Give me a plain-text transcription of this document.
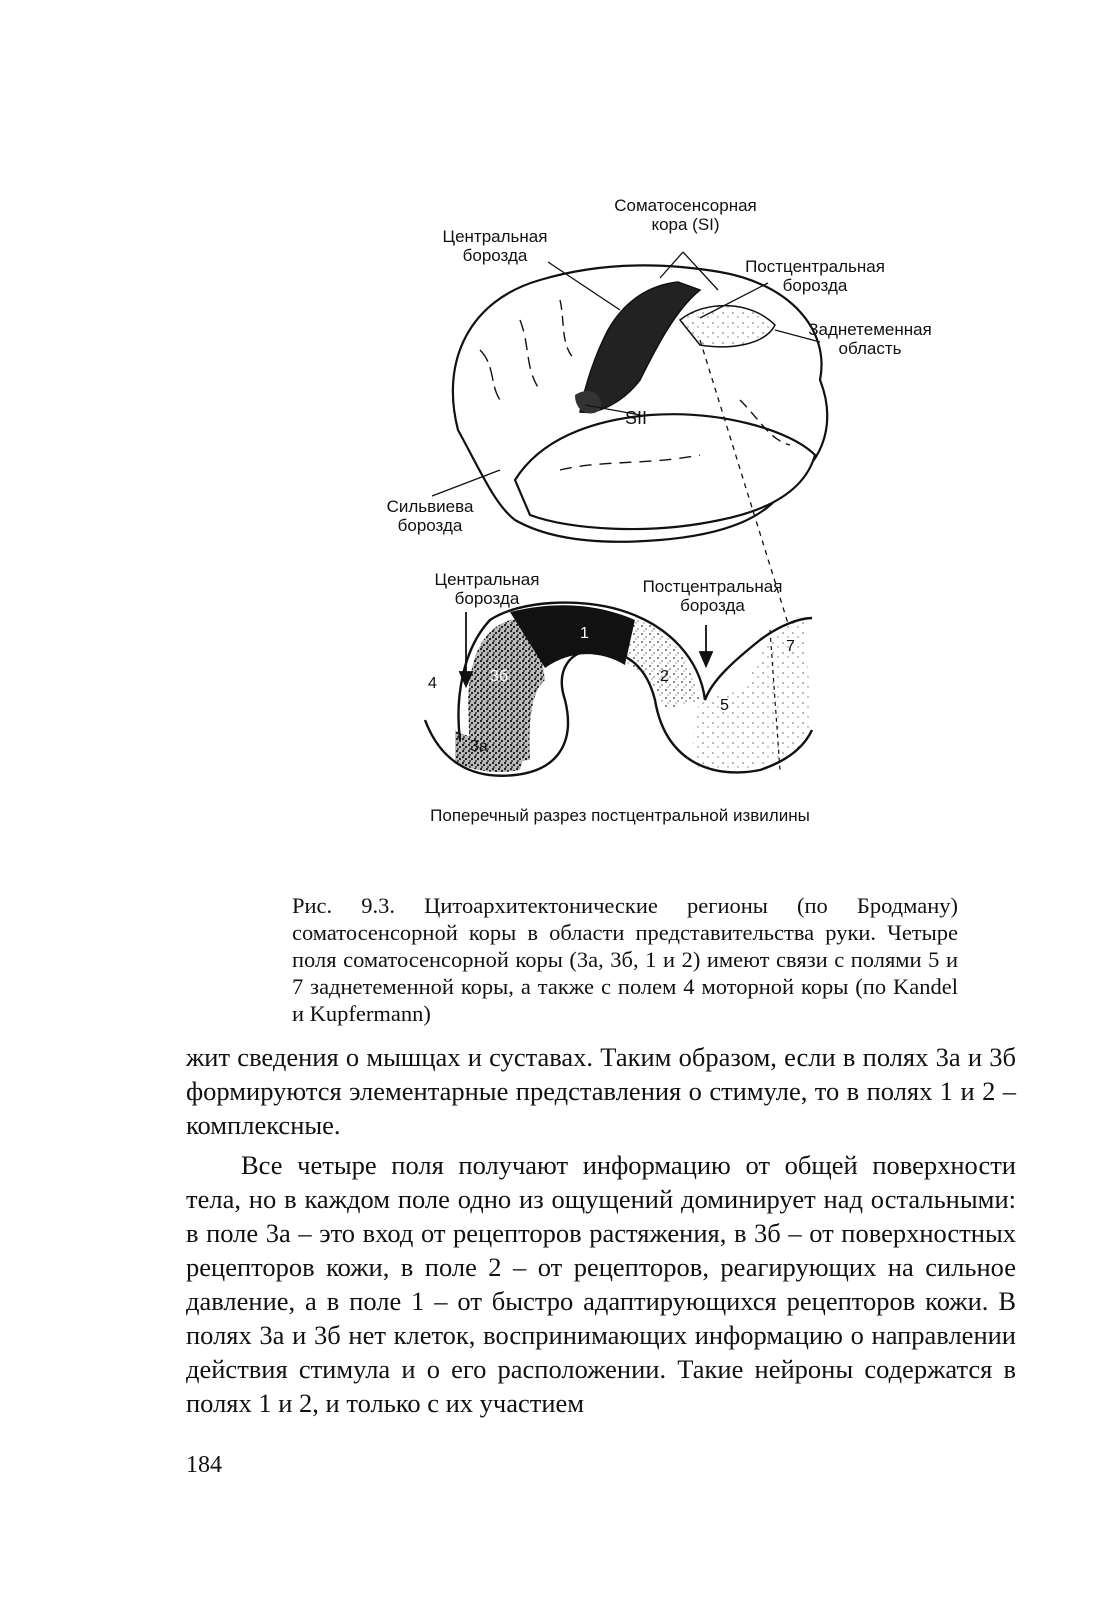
Центральная борозда
Соматосенсорная кора (SI)
Постцентральная борозда
Заднетеменная область
SII
Сильвиева борозда
Центральная борозда
Постцентральная борозда
4	3б
1
2
3а
5
7
Поперечный разрез постцентральной извилины
Рис. 9.3. Цитоархитектонические регионы (по Бродману) соматосенсорной коры в области представительства руки. Четыре поля соматосенсорной коры (3а, 3б, 1 и 2) имеют связи с полями 5 и 7 заднетеменной коры, а также с полем 4 моторной коры (по Kandel и Kupfermann)

жит сведения о мышцах и суставах. Таким образом, если в полях 3а и 3б формируются элементарные представления о стимуле, то в полях 1 и 2 – комплексные.

Все четыре поля получают информацию от общей поверхности тела, но в каждом поле одно из ощущений доминирует над остальными: в поле 3а – это вход от рецепторов растяжения, в 3б – от поверхностных рецепторов кожи, в поле 2 – от рецепторов, реагирующих на сильное давление, а в поле 1 – от быстро адаптирующихся рецепторов кожи. В полях 3а и 3б нет клеток, воспринимающих информацию о направлении действия стимула и о его расположении. Такие нейроны содержатся в полях 1 и 2, и только с их участием

184
